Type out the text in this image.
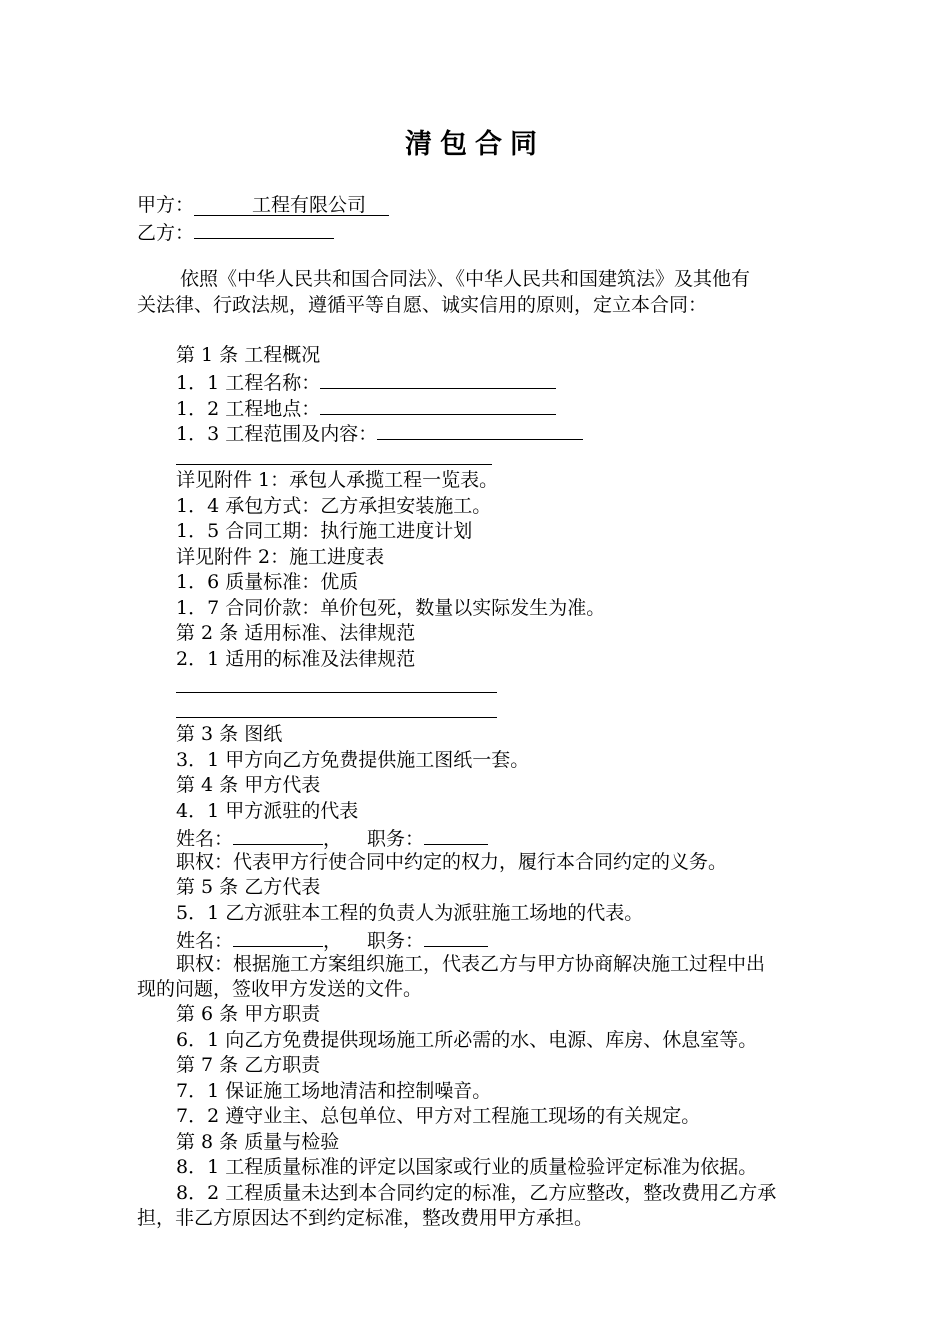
清包合同
甲方：	工程有限公司
乙方：
依照《中华人民共和国合同法》、《中华人民共和国建筑法》及其他有
关法律、行政法规，遵循平等自愿、诚实信用的原则，定立本合同：
第 1 条 工程概况
1．1 工程名称：
1．2 工程地点：
1．3 工程范围及内容：
详见附件 1：承包人承揽工程一览表。
1．4 承包方式：乙方承担安装施工。
1．5 合同工期：执行施工进度计划
详见附件 2：施工进度表
1．6 质量标准：优质
1．7 合同价款：单价包死，数量以实际发生为准。
第 2 条 适用标准、法律规范
2．1 适用的标准及法律规范
第 3 条 图纸
3．1 甲方向乙方免费提供施工图纸一套。
第 4 条 甲方代表
4．1 甲方派驻的代表
姓名：	， 职务：
职权：代表甲方行使合同中约定的权力，履行本合同约定的义务。
第 5 条 乙方代表
5．1 乙方派驻本工程的负责人为派驻施工场地的代表。
姓名：	， 职务：
职权：根据施工方案组织施工，代表乙方与甲方协商解决施工过程中出
现的问题，签收甲方发送的文件。
第 6 条 甲方职责
6．1 向乙方免费提供现场施工所必需的水、电源、库房、休息室等。
第 7 条 乙方职责
7．1 保证施工场地清洁和控制噪音。
7．2 遵守业主、总包单位、甲方对工程施工现场的有关规定。
第 8 条 质量与检验
8．1 工程质量标准的评定以国家或行业的质量检验评定标准为依据。
8．2 工程质量未达到本合同约定的标准，乙方应整改，整改费用乙方承
担，非乙方原因达不到约定标准，整改费用甲方承担。
